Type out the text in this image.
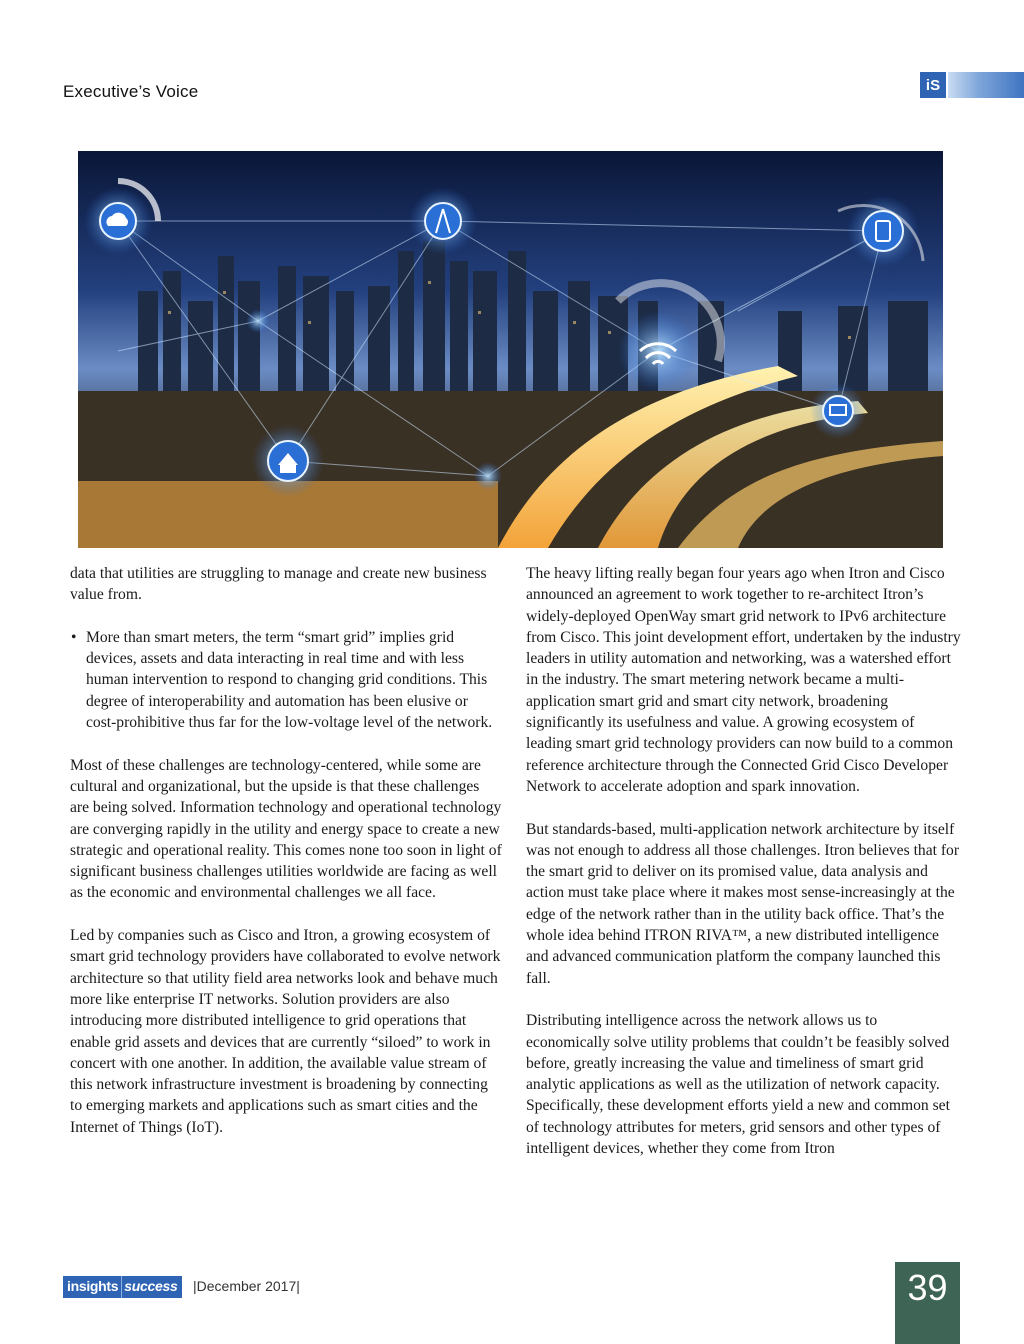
Executive’s Voice	iS

data that utilities are struggling to manage and create new business value from.

• More than smart meters, the term “smart grid” implies grid devices, assets and data interacting in real time and with less human intervention to respond to changing grid conditions. This degree of interoperability and automation has been elusive or cost-prohibitive thus far for the low-voltage level of the network.

Most of these challenges are technology-centered, while some are cultural and organizational, but the upside is that these challenges are being solved. Information technology and operational technology are converging rapidly in the utility and energy space to create a new strategic and operational reality. This comes none too soon in light of significant business challenges utilities worldwide are facing as well as the economic and environmental challenges we all face.

Led by companies such as Cisco and Itron, a growing ecosystem of smart grid technology providers have collaborated to evolve network architecture so that utility field area networks look and behave much more like enterprise IT networks. Solution providers are also introducing more distributed intelligence to grid operations that enable grid assets and devices that are currently “siloed” to work in concert with one another. In addition, the available value stream of this network infrastructure investment is broadening by connecting to emerging markets and applications such as smart cities and the Internet of Things (IoT).

The heavy lifting really began four years ago when Itron and Cisco announced an agreement to work together to re-architect Itron’s widely-deployed OpenWay smart grid network to IPv6 architecture from Cisco. This joint development effort, undertaken by the industry leaders in utility automation and networking, was a watershed effort in the industry. The smart metering network became a multi-application smart grid and smart city network, broadening significantly its usefulness and value. A growing ecosystem of leading smart grid technology providers can now build to a common reference architecture through the Connected Grid Cisco Developer Network to accelerate adoption and spark innovation.

But standards-based, multi-application network architecture by itself was not enough to address all those challenges. Itron believes that for the smart grid to deliver on its promised value, data analysis and action must take place where it makes most sense-increasingly at the edge of the network rather than in the utility back office. That’s the whole idea behind ITRON RIVA™, a new distributed intelligence and advanced communication platform the company launched this fall.

Distributing intelligence across the network allows us to economically solve utility problems that couldn’t be feasibly solved before, greatly increasing the value and timeliness of smart grid analytic applications as well as the utilization of network capacity. Specifically, these development efforts yield a new and common set of technology attributes for meters, grid sensors and other types of intelligent devices, whether they come from Itron

insights success	|December 2017|	39
